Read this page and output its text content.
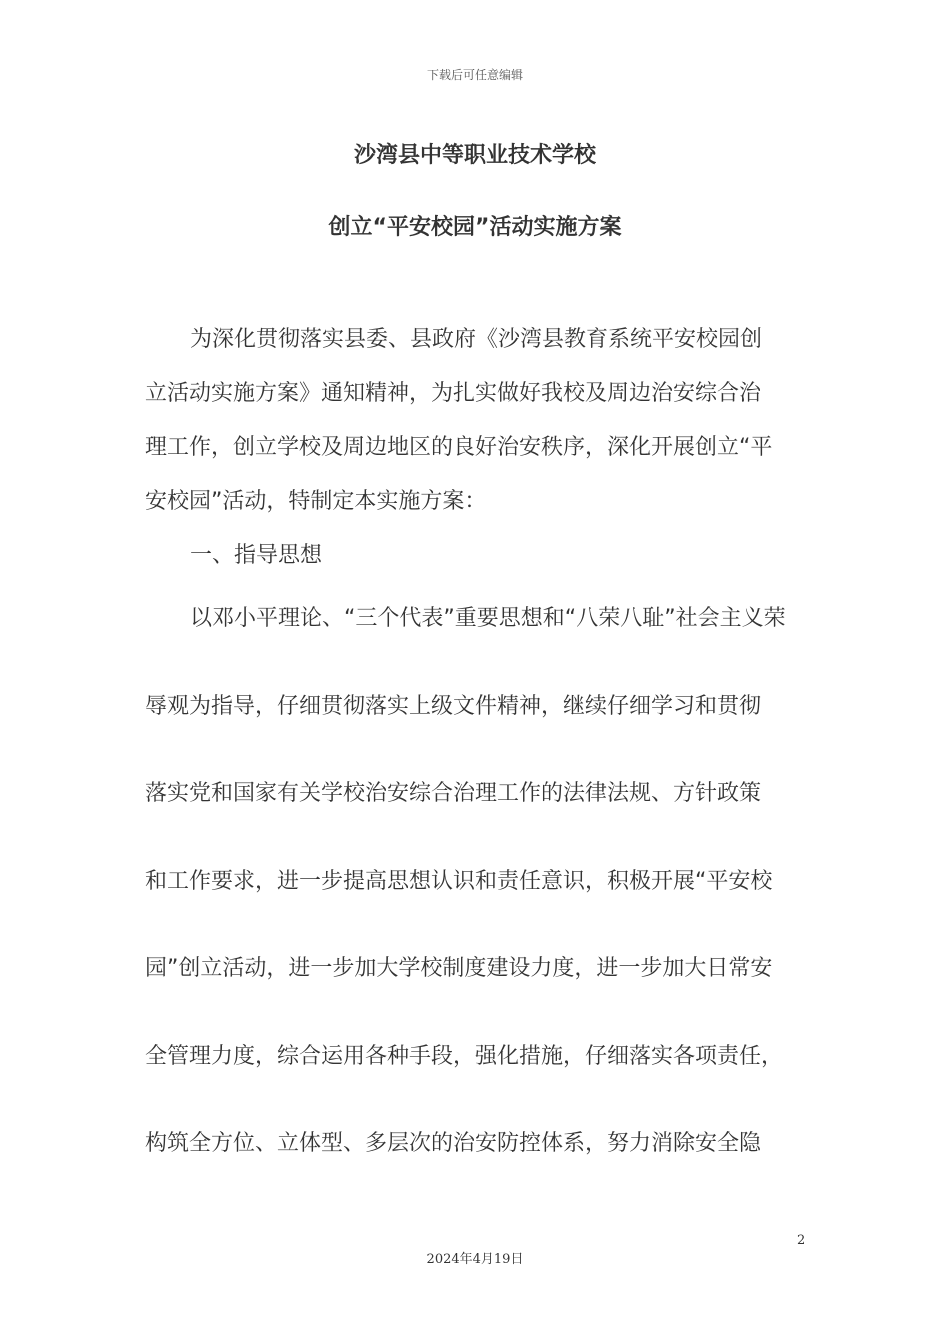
下载后可任意编辑
沙湾县中等职业技术学校
创立“平安校园”活动实施方案
为深化贯彻落实县委、县政府《沙湾县教育系统平安校园创
立活动实施方案》通知精神，为扎实做好我校及周边治安综合治
理工作，创立学校及周边地区的良好治安秩序，深化开展创立“平
安校园”活动，特制定本实施方案：
一、指导思想
以邓小平理论、“三个代表”重要思想和“八荣八耻”社会主义荣
辱观为指导，仔细贯彻落实上级文件精神，继续仔细学习和贯彻
落实党和国家有关学校治安综合治理工作的法律法规、方针政策
和工作要求，进一步提高思想认识和责任意识，积极开展“平安校
园”创立活动，进一步加大学校制度建设力度，进一步加大日常安
全管理力度，综合运用各种手段，强化措施，仔细落实各项责任，
构筑全方位、立体型、多层次的治安防控体系，努力消除安全隐
2
2024年4月19日
